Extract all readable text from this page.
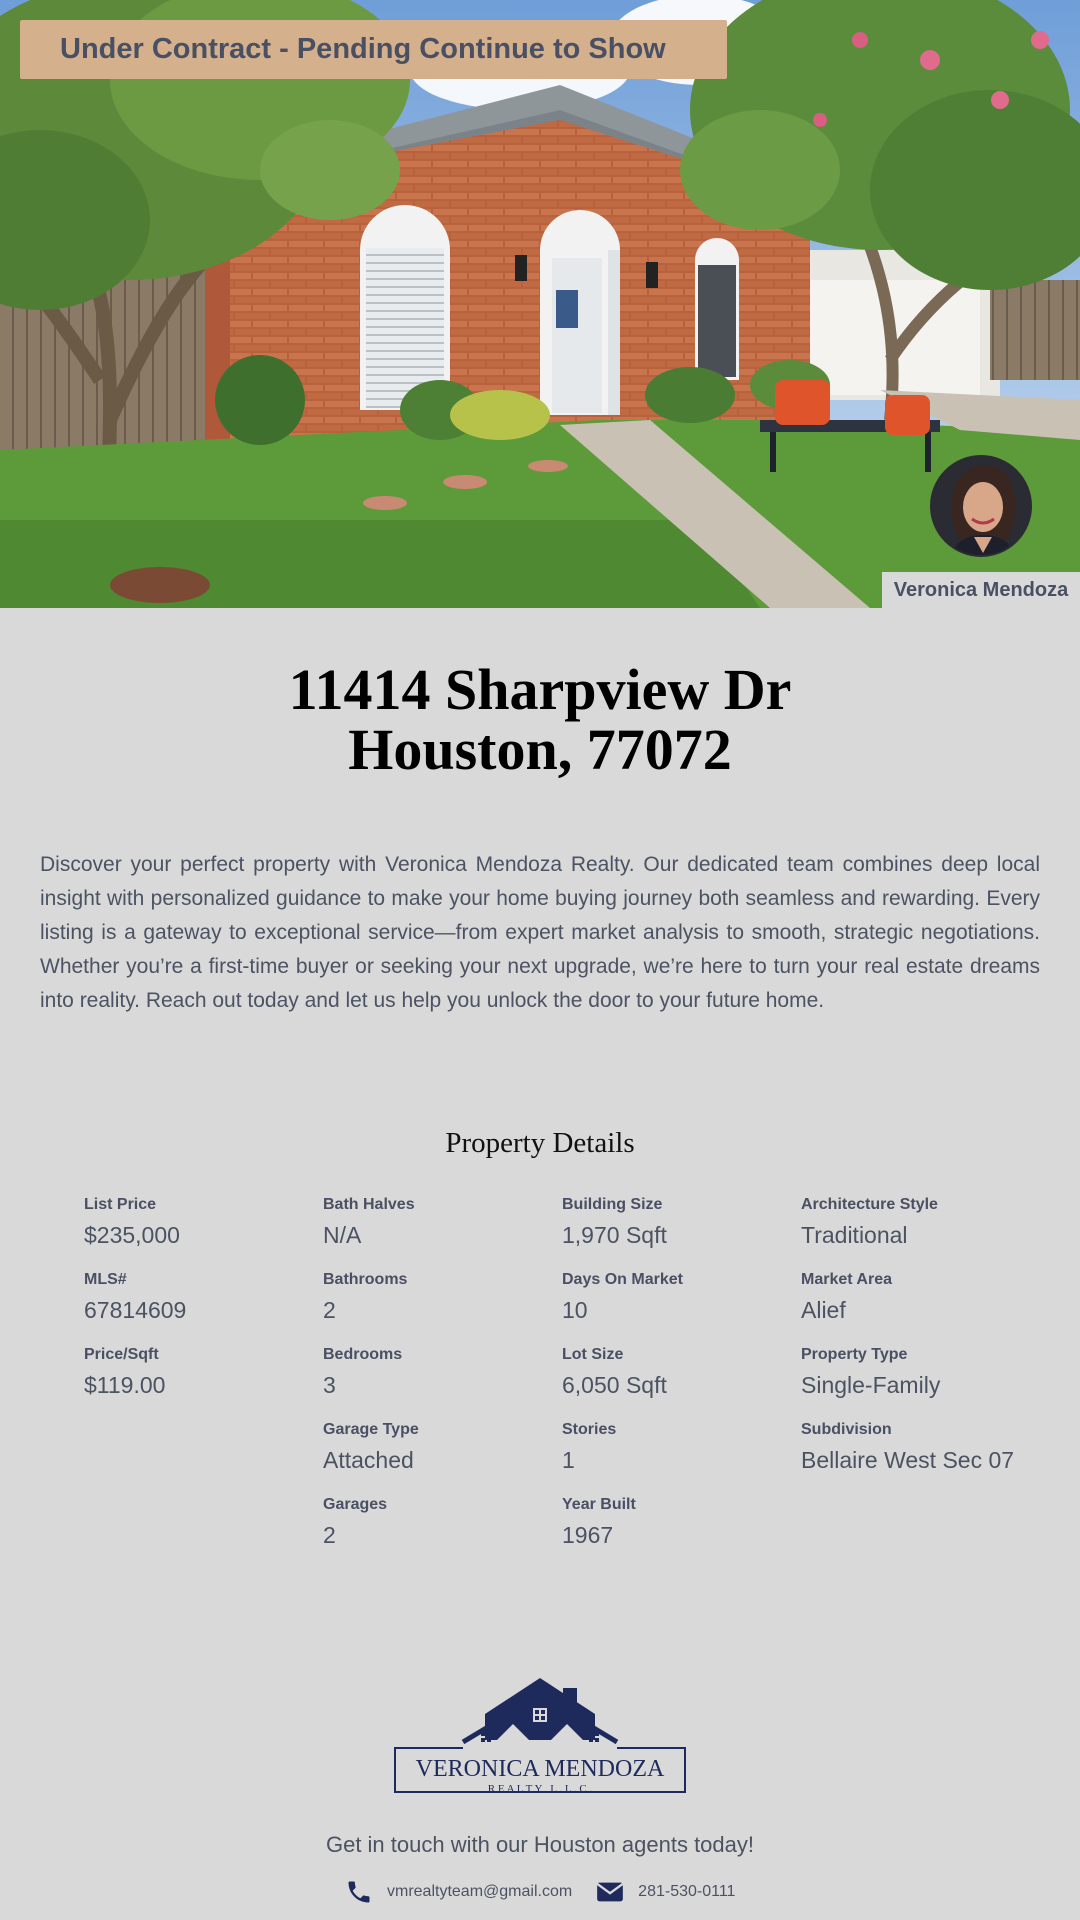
Under Contract - Pending Continue to Show
Veronica Mendoza
11414 Sharpview Dr
Houston, 77072

Discover your perfect property with Veronica Mendoza Realty. Our dedicated team combines deep local insight with personalized guidance to make your home buying journey both seamless and rewarding. Every listing is a gateway to exceptional service—from expert market analysis to smooth, strategic negotiations. Whether you’re a first-time buyer or seeking your next upgrade, we’re here to turn your real estate dreams into reality. Reach out today and let us help you unlock the door to your future home.

Property Details
List Price
$235,000
MLS#
67814609
Price/Sqft
$119.00
Bath Halves
N/A
Bathrooms
2
Bedrooms
3
Garage Type
Attached
Garages
2
Building Size
1,970 Sqft
Days On Market
10
Lot Size
6,050 Sqft
Stories
1
Year Built
1967
Architecture Style
Traditional
Market Area
Alief
Property Type
Single-Family
Subdivision
Bellaire West Sec 07
VERONICA MENDOZA
R E A L T Y   L . L . C .
Get in touch with our Houston agents today!
vmrealtyteam@gmail.com	281-530-0111
